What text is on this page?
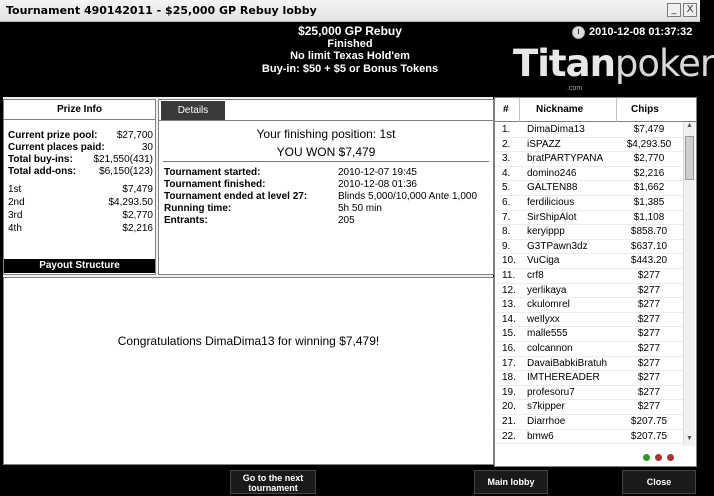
Tournament 490142011 - $25,000 GP Rebuy lobby	_	X
$25,000 GP Rebuy
Finished
No limit Texas Hold'em
Buy-in: $50 + $5 or Bonus Tokens
2010-12-08 01:37:32
Titanpoker
.com
Prize Info
Current prize pool: $27,700
Current places paid:	30
Total buy-ins: $21,550(431)
Total add-ons: $6,150(123)
1st	$7,479
2nd	$4,293.50
3rd	$2,770
4th	$2,216
Payout Structure
Details
Your finishing position: 1st
YOU WON $7,479
Tournament started:	2010-12-07 19:45
Tournament finished:	2010-12-08 01:36
Tournament ended at level 27:	Blinds 5,000/10,000 Ante 1,000
Running time:	5h 50 min
Entrants:	205
Congratulations DimaDima13 for winning $7,479!
#	Nickname	Chips
1. DimaDima13	$7,479
2. iSPAZZ	$4,293.50
3. bratPARTYPANA	$2,770
4. domino246	$2,216
5. GALTEN88	$1,662
6. ferdilicious	$1,385
7. SirShipAlot	$1,108
8. keryippp	$858.70
9. G3TPawn3dz	$637.10
10. VuCiga	$443.20
11. crf8	$277
12. yerlikaya	$277
13. ckulomrel	$277
14. weIlyxx	$277
15. malle555	$277
16. colcannon	$277
17. DavaiBabkiBratuh	$277
18. IMTHEREADER	$277
19. profesoru7	$277
20. s7kipper	$277
21. Diarrhoe	$207.75
22. bmw6	$207.75
▲
▼
Go to the next tournament
Main lobby	Close
